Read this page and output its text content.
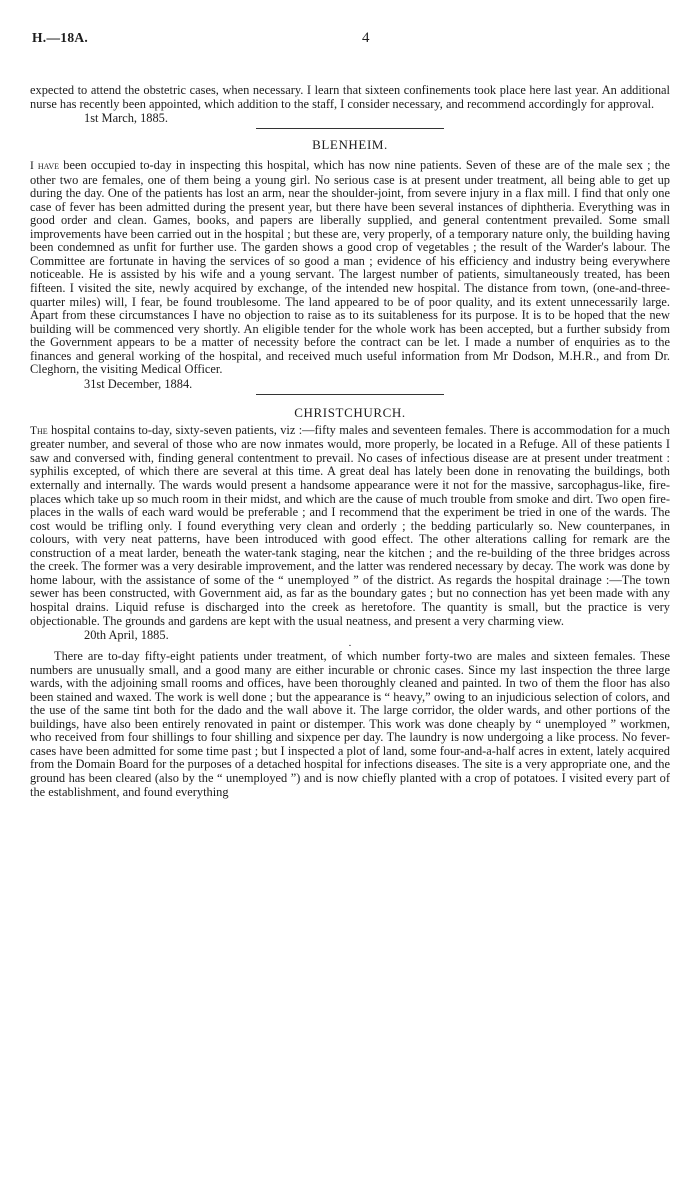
H.—18A.	4

expected to attend the obstetric cases, when necessary. I learn that sixteen confinements took place here last year. An additional nurse has recently been appointed, which addition to the staff, I consider necessary, and recommend accordingly for approval.

1st March, 1885.
BLENHEIM.

I have been occupied to-day in inspecting this hospital, which has now nine patients. Seven of these are of the male sex ; the other two are females, one of them being a young girl. No serious case is at present under treatment, all being able to get up during the day. One of the patients has lost an arm, near the shoulder-joint, from severe injury in a flax mill. I find that only one case of fever has been admitted during the present year, but there have been several instances of diphtheria. Everything was in good order and clean. Games, books, and papers are liberally supplied, and general contentment prevailed. Some small improvements have been carried out in the hospital ; but these are, very properly, of a temporary nature only, the building having been condemned as unfit for further use. The garden shows a good crop of vegetables ; the result of the Warder's labour. The Committee are fortunate in having the services of so good a man ; evidence of his efficiency and industry being everywhere noticeable. He is assisted by his wife and a young servant. The largest number of patients, simultaneously treated, has been fifteen. I visited the site, newly acquired by exchange, of the intended new hospital. The distance from town, (one-and-three-quarter miles) will, I fear, be found troublesome. The land appeared to be of poor quality, and its extent unnecessarily large. Apart from these circumstances I have no objection to raise as to its suitableness for its purpose. It is to be hoped that the new building will be commenced very shortly. An eligible tender for the whole work has been accepted, but a further subsidy from the Government appears to be a matter of necessity before the contract can be let. I made a number of enquiries as to the finances and general working of the hospital, and received much useful information from Mr Dodson, M.H.R., and from Dr. Cleghorn, the visiting Medical Officer.

31st December, 1884.
CHRISTCHURCH.

The hospital contains to-day, sixty-seven patients, viz :—fifty males and seventeen females. There is accommodation for a much greater number, and several of those who are now inmates would, more properly, be located in a Refuge. All of these patients I saw and conversed with, finding general contentment to prevail. No cases of infectious disease are at present under treatment : syphilis excepted, of which there are several at this time. A great deal has lately been done in renovating the buildings, both externally and internally. The wards would present a handsome appearance were it not for the massive, sarcophagus-like, fire-places which take up so much room in their midst, and which are the cause of much trouble from smoke and dirt. Two open fire-places in the walls of each ward would be preferable ; and I recommend that the experiment be tried in one of the wards. The cost would be trifling only. I found everything very clean and orderly ; the bedding particularly so. New counterpanes, in colours, with very neat patterns, have been introduced with good effect. The other alterations calling for remark are the construction of a meat larder, beneath the water-tank staging, near the kitchen ; and the re-building of the three bridges across the creek. The former was a very desirable improvement, and the latter was rendered necessary by decay. The work was done by home labour, with the assistance of some of the “ unemployed ” of the district. As regards the hospital drainage :—The town sewer has been constructed, with Government aid, as far as the boundary gates ; but no connection has yet been made with any hospital drains. Liquid refuse is discharged into the creek as heretofore. The quantity is small, but the practice is very objectionable. The grounds and gardens are kept with the usual neatness, and present a very charming view.

20th April, 1885.
·

There are to-day fifty-eight patients under treatment, of which number forty-two are males and sixteen females. These numbers are unusually small, and a good many are either incurable or chronic cases. Since my last inspection the three large wards, with the adjoining small rooms and offices, have been thoroughly cleaned and painted. In two of them the floor has also been stained and waxed. The work is well done ; but the appearance is “ heavy,” owing to an injudicious selection of colors, and the use of the same tint both for the dado and the wall above it. The large corridor, the older wards, and other portions of the buildings, have also been entirely renovated in paint or distemper. This work was done cheaply by “ unemployed ” workmen, who received from four shillings to four shilling and sixpence per day. The laundry is now undergoing a like process. No fever-cases have been admitted for some time past ; but I inspected a plot of land, some four-and-a-half acres in extent, lately acquired from the Domain Board for the purposes of a detached hospital for infections diseases. The site is a very appropriate one, and the ground has been cleared (also by the “ unemployed ”) and is now chiefly planted with a crop of potatoes. I visited every part of the establishment, and found everything
